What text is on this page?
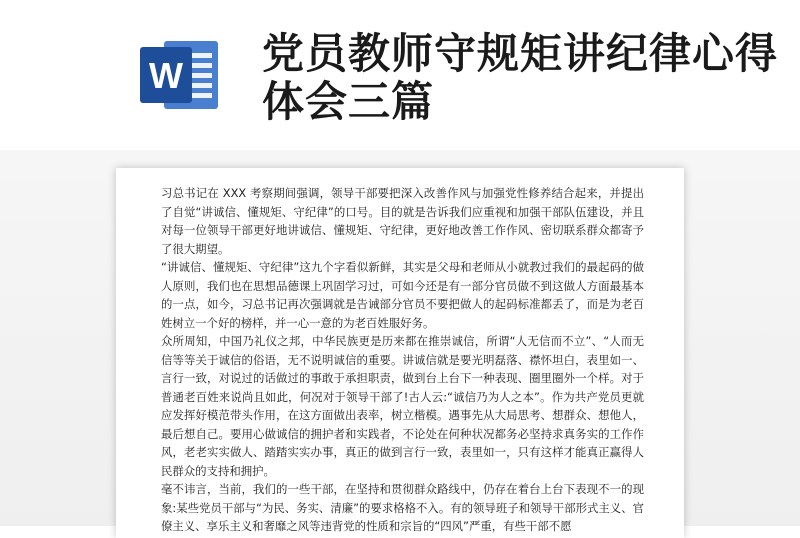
W 党员教师守规矩讲纪律心得体会三篇

习总书记在 XXX 考察期间强调，领导干部要把深入改善作风与加强党性修养结合起来，并提出了自觉“讲诚信、懂规矩、守纪律”的口号。目的就是告诉我们应重视和加强干部队伍建设，并且对每一位领导干部更好地讲诚信、懂规矩、守纪律，更好地改善工作作风、密切联系群众都寄予了很大期望。

“讲诚信、懂规矩、守纪律”这九个字看似新鲜，其实是父母和老师从小就教过我们的最起码的做人原则，我们也在思想品德课上巩固学习过，可如今还是有一部分官员做不到这做人方面最基本的一点，如今，习总书记再次强调就是告诫部分官员不要把做人的起码标准都丢了，而是为老百姓树立一个好的榜样，并一心一意的为老百姓服好务。

众所周知，中国乃礼仪之邦，中华民族更是历来都在推崇诚信，所谓“人无信而不立”、“人而无信等等关于诚信的俗语，无不说明诚信的重要。讲诚信就是要光明磊落、襟怀坦白，表里如一、言行一致，对说过的话做过的事敢于承担职责，做到台上台下一种表现、圈里圈外一个样。对于普通老百姓来说尚且如此，何况对于领导干部了!古人云:“诚信乃为人之本”。作为共产党员更就应发挥好模范带头作用，在这方面做出表率，树立楷模。遇事先从大局思考、想群众、想他人，最后想自己。要用心做诚信的拥护者和实践者，不论处在何种状况都务必坚持求真务实的工作作风，老老实实做人、踏踏实实办事，真正的做到言行一致，表里如一，只有这样才能真正赢得人民群众的支持和拥护。

毫不讳言，当前，我们的一些干部，在坚持和贯彻群众路线中，仍存在着台上台下表现不一的现象:某些党员干部与“为民、务实、清廉”的要求格格不入。有的领导班子和领导干部形式主义、官僚主义、享乐主义和奢靡之风等违背党的性质和宗旨的“四风”严重，有些干部不愿
